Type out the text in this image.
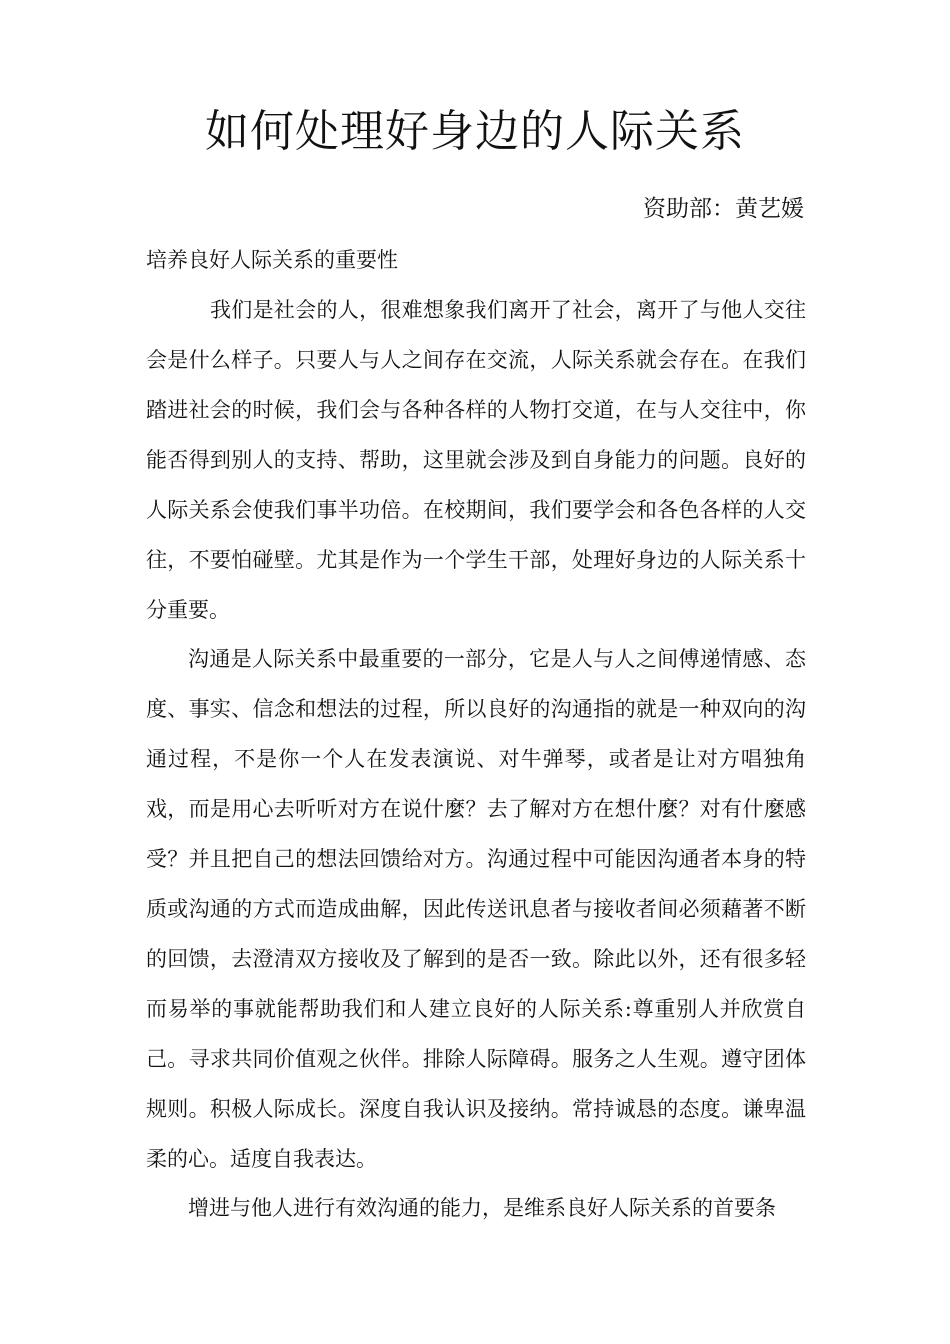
如何处理好身边的人际关系
资助部：黄艺媛
培养良好人际关系的重要性

我们是社会的人，很难想象我们离开了社会，离开了与他人交往会是什么样子。只要人与人之间存在交流，人际关系就会存在。在我们踏进社会的时候，我们会与各种各样的人物打交道，在与人交往中，你能否得到别人的支持、帮助，这里就会涉及到自身能力的问题。良好的人际关系会使我们事半功倍。在校期间，我们要学会和各色各样的人交往，不要怕碰壁。尤其是作为一个学生干部，处理好身边的人际关系十分重要。

沟通是人际关系中最重要的一部分，它是人与人之间傅递情感、态度、事实、信念和想法的过程，所以良好的沟通指的就是一种双向的沟通过程，不是你一个人在发表演说、对牛弹琴，或者是让对方唱独角戏，而是用心去听听对方在说什麼？去了解对方在想什麼？对有什麼感受？并且把自己的想法回馈给对方。沟通过程中可能因沟通者本身的特质或沟通的方式而造成曲解，因此传送讯息者与接收者间必须藉著不断的回馈，去澄清双方接收及了解到的是否一致。除此以外，还有很多轻而易举的事就能帮助我们和人建立良好的人际关系:尊重别人并欣赏自己。寻求共同价值观之伙伴。排除人际障碍。服务之人生观。遵守团体规则。积极人际成长。深度自我认识及接纳。常持诚恳的态度。谦卑温柔的心。适度自我表达。

增进与他人进行有效沟通的能力，是维系良好人际关系的首要条
